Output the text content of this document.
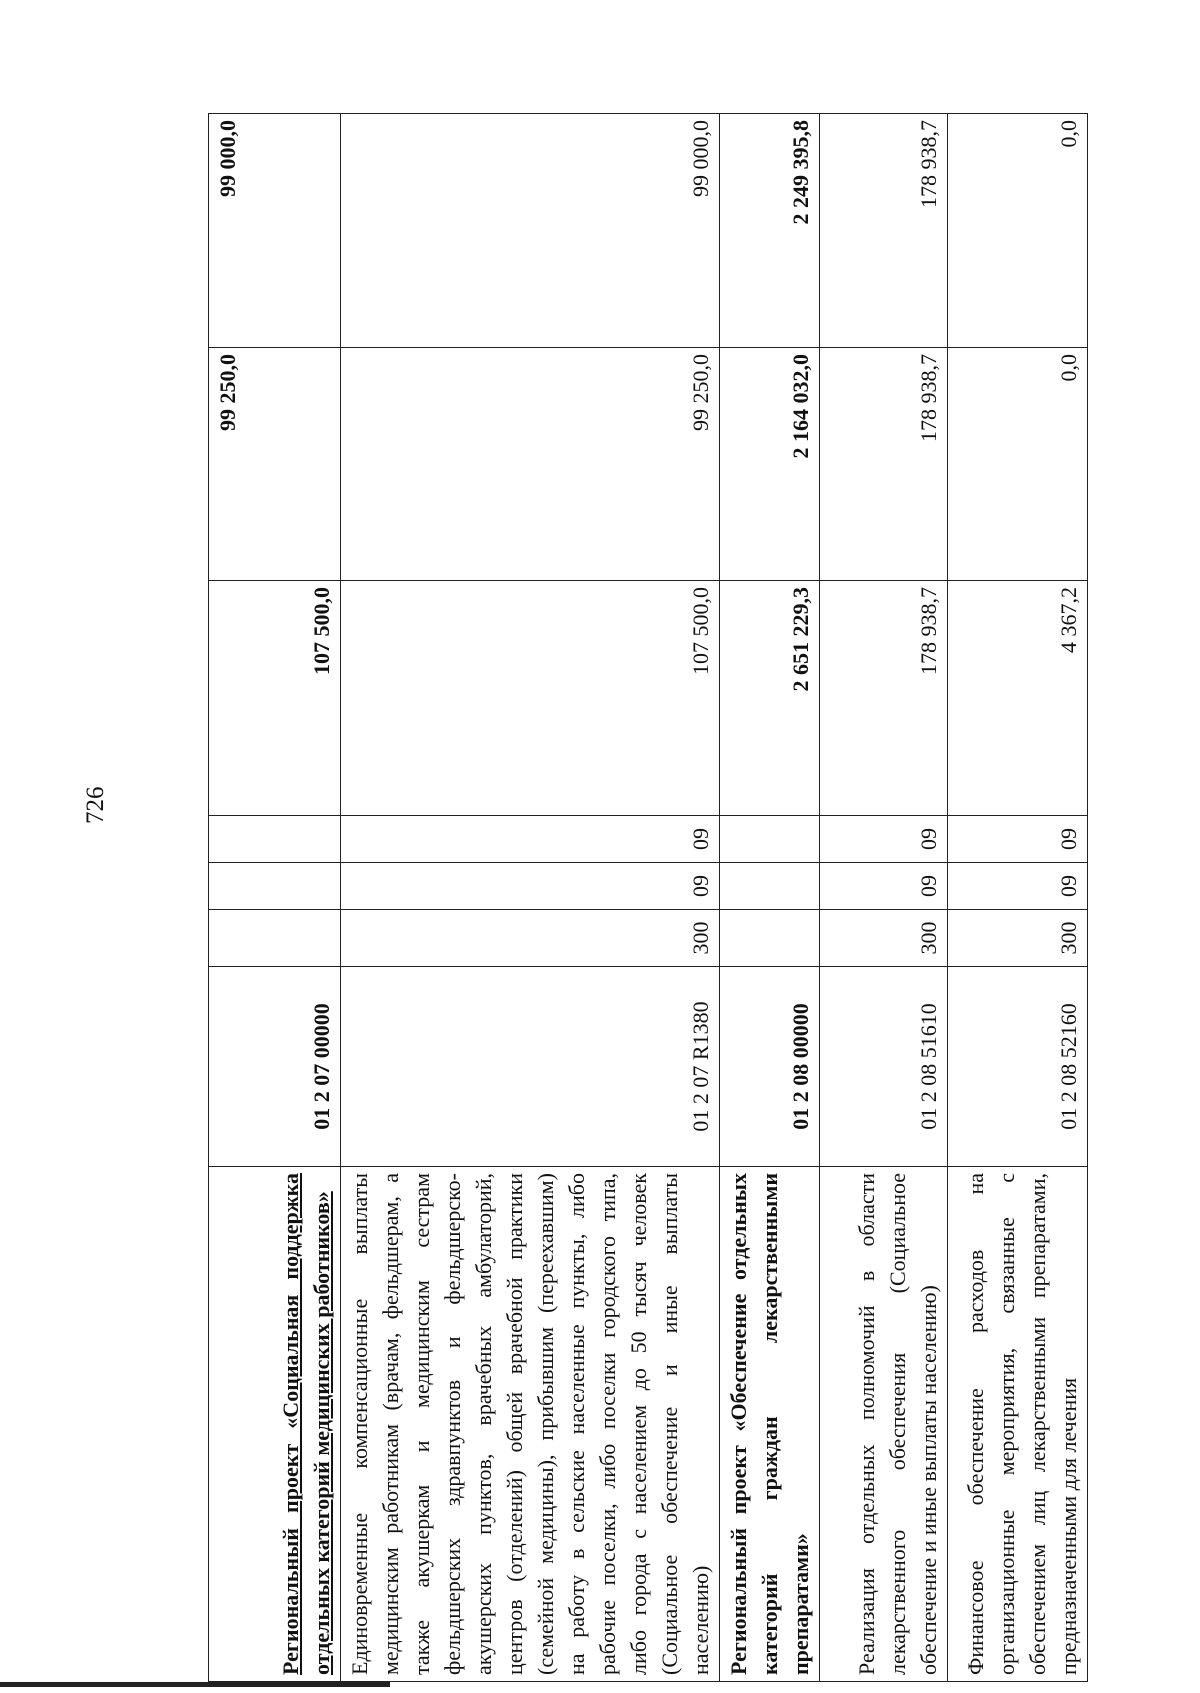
726
Региональный проект «Социальная поддержка отдельных категорий медицинских работников»	01 2 07 00000				107 500,0	99 250,0	99 000,0
Единовременные компенсационные выплаты медицинским работникам (врачам, фельдшерам, а также акушеркам и медицинским сестрам фельдшерских здравпунктов и фельдшерско-акушерских пунктов, врачебных амбулаторий, центров (отделений) общей врачебной практики (семейной медицины), прибывшим (переехавшим) на работу в сельские населенные пункты, либо рабочие поселки, либо поселки городского типа, либо города с населением до 50 тысяч человек (Социальное обеспечение и иные выплаты населению)	01 2 07 R1380	300	09	09	107 500,0	99 250,0	99 000,0
Региональный проект «Обеспечение отдельных категорий граждан лекарственными препаратами»	01 2 08 00000				2 651 229,3	2 164 032,0	2 249 395,8
Реализация отдельных полномочий в области лекарственного обеспечения (Социальное обеспечение и иные выплаты населению)	01 2 08 51610	300	09	09	178 938,7	178 938,7	178 938,7
Финансовое обеспечение расходов на организационные мероприятия, связанные с обеспечением лиц лекарственными препаратами, предназначенными для лечения	01 2 08 52160	300	09	09	4 367,2	0,0	0,0
